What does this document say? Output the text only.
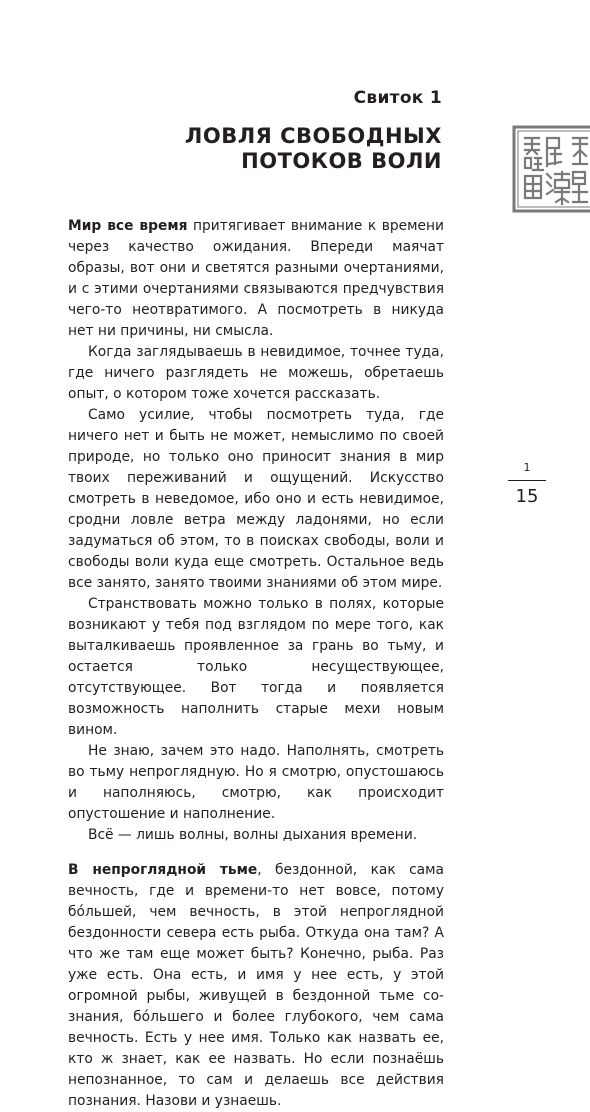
Свиток 1
ЛОВЛЯ СВОБОДНЫХ
ПОТОКОВ ВОЛИ

Мир все время притягивает внимание к времени через качество ожидания. Впереди маячат образы, вот они и светятся разными очертаниями, и с этими очертаниями связываются предчувствия чего-то неотвратимого. А посмотреть в никуда нет ни причины, ни смысла.

Когда заглядываешь в невидимое, точнее туда, где ничего разглядеть не можешь, обретаешь опыт, о котором тоже хочется рассказать.

Само усилие, чтобы посмотреть туда, где ничего нет и быть не может, немыслимо по своей природе, но только оно приносит знания в мир твоих переживаний и ощущений. Искусство смотреть в неведомое, ибо оно и есть невидимое, сродни ловле ветра между ладонями, но если задуматься об этом, то в поисках свободы, воли и свободы воли куда еще смотреть. Остальное ведь все занято, занято твоими знаниями об этом мире.

Странствовать можно только в полях, которые возникают у тебя под взглядом по мере того, как выталкиваешь проявленное за грань во тьму, и остается только несуществующее, отсутствующее. Вот тогда и появляется возможность наполнить старые мехи новым вином.

Не знаю, зачем это надо. Наполнять, смотреть во тьму непроглядную. Но я смотрю, опустошаюсь и наполняюсь, смотрю, как происходит опустошение и наполнение.

Всё — лишь волны, волны дыхания времени.

В непроглядной тьме, бездонной, как сама вечность, где и времени-то нет вовсе, потому бóльшей, чем вечность, в этой непроглядной бездонности севера есть рыба. Откуда она там? А что же там еще может быть? Конечно, рыба. Раз уже есть. Она есть, и имя у нее есть, у этой огромной рыбы, живущей в бездонной тьме сознания, бóльшего и более глубокого, чем сама вечность. Есть у нее имя. Только как назвать ее, кто ж знает, как ее назвать. Но если познаёшь непознанное, то сам и делаешь все действия познания. Назови и узнаешь.

1
15
